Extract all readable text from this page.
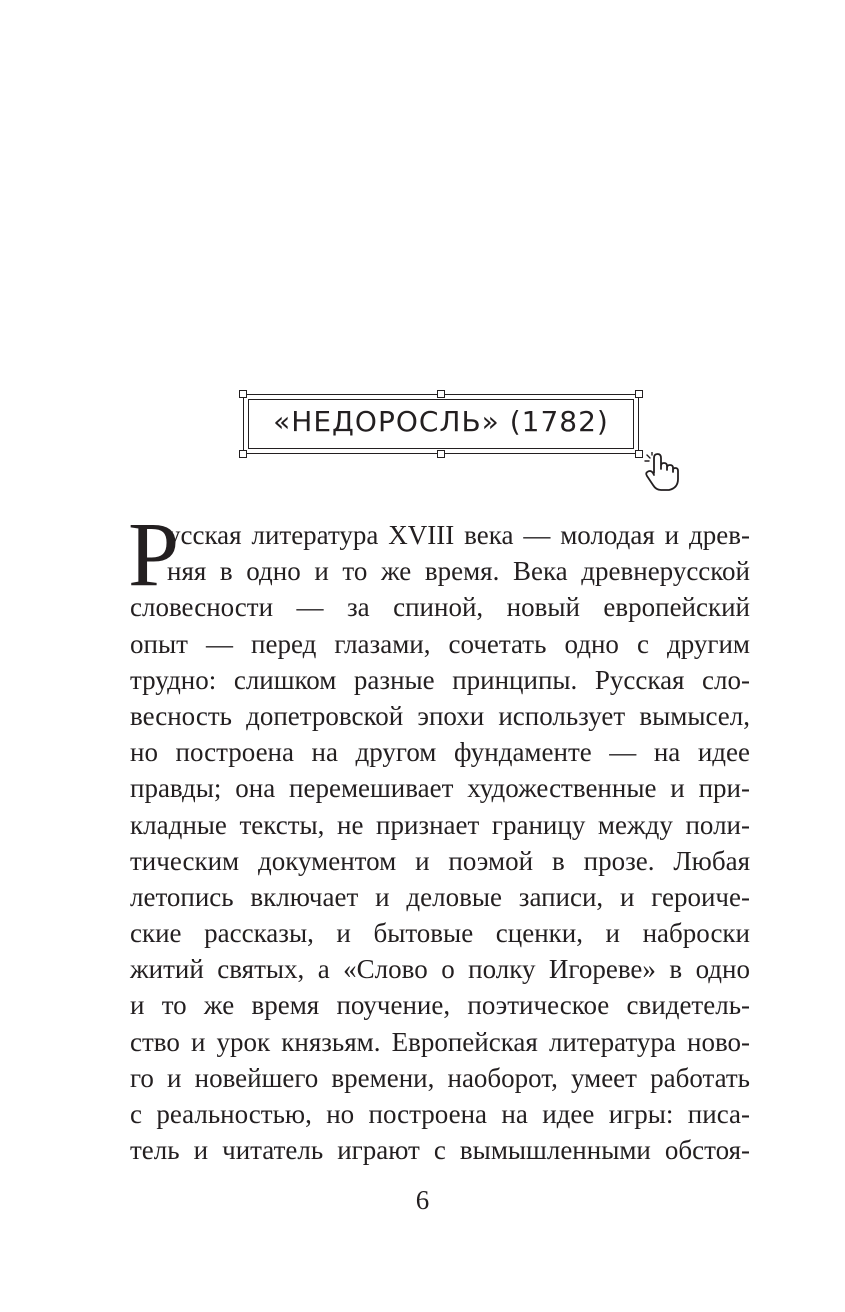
«НЕДОРОСЛЬ» (1782)
Р
усская литература XVIII века — молодая и древ-
няя в одно и то же время. Века древнерусской
словесности — за спиной, новый европейский
опыт — перед глазами, сочетать одно с другим
трудно: слишком разные принципы. Русская сло-
весность допетровской эпохи использует вымысел,
но построена на другом фундаменте — на идее
правды; она перемешивает художественные и при-
кладные тексты, не признает границу между поли-
тическим документом и поэмой в прозе. Любая
летопись включает и деловые записи, и героиче-
ские рассказы, и бытовые сценки, и наброски
житий святых, а «Слово о полку Игореве» в одно
и то же время поучение, поэтическое свидетель-
ство и урок князьям. Европейская литература ново-
го и новейшего времени, наоборот, умеет работать
с реальностью, но построена на идее игры: писа-
тель и читатель играют с вымышленными обстоя-
6
